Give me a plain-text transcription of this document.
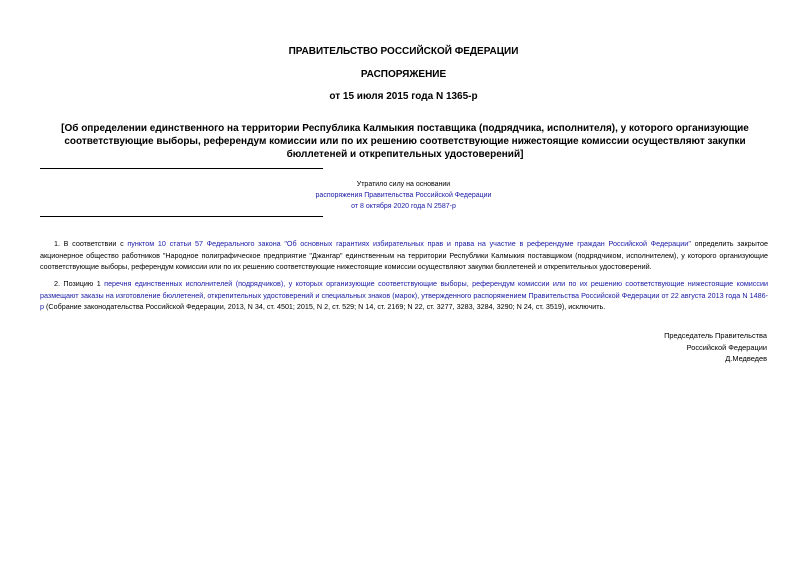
ПРАВИТЕЛЬСТВО РОССИЙСКОЙ ФЕДЕРАЦИИ
РАСПОРЯЖЕНИЕ
от 15 июля 2015 года N 1365-р
[Об определении единственного на территории Республика Калмыкия поставщика (подрядчика, исполнителя), у которого организующие соответствующие выборы, референдум комиссии или по их решению соответствующие нижестоящие комиссии осуществляют закупки бюллетеней и открепительных удостоверений]
Утратило силу на основании
распоряжения Правительства Российской Федерации
от 8 октября 2020 года N 2587-р
1. В соответствии с пунктом 10 статьи 57 Федерального закона "Об основных гарантиях избирательных прав и права на участие в референдуме граждан Российской Федерации" определить закрытое акционерное общество работников "Народное полиграфическое предприятие "Джангар" единственным на территории Республики Калмыкия поставщиком (подрядчиком, исполнителем), у которого организующие соответствующие выборы, референдум комиссии или по их решению соответствующие нижестоящие комиссии осуществляют закупки бюллетеней и открепительных удостоверений.
2. Позицию 1 перечня единственных исполнителей (подрядчиков), у которых организующие соответствующие выборы, референдум комиссии или по их решению соответствующие нижестоящие комиссии размещают заказы на изготовление бюллетеней, открепительных удостоверений и специальных знаков (марок), утвержденного распоряжением Правительства Российской Федерации от 22 августа 2013 года N 1486-р (Собрание законодательства Российской Федерации, 2013, N 34, ст. 4501; 2015, N 2, ст. 529; N 14, ст. 2169; N 22, ст. 3277, 3283, 3284, 3290; N 24, ст. 3519), исключить.
Председатель Правительства
Российской Федерации
Д.Медведев
